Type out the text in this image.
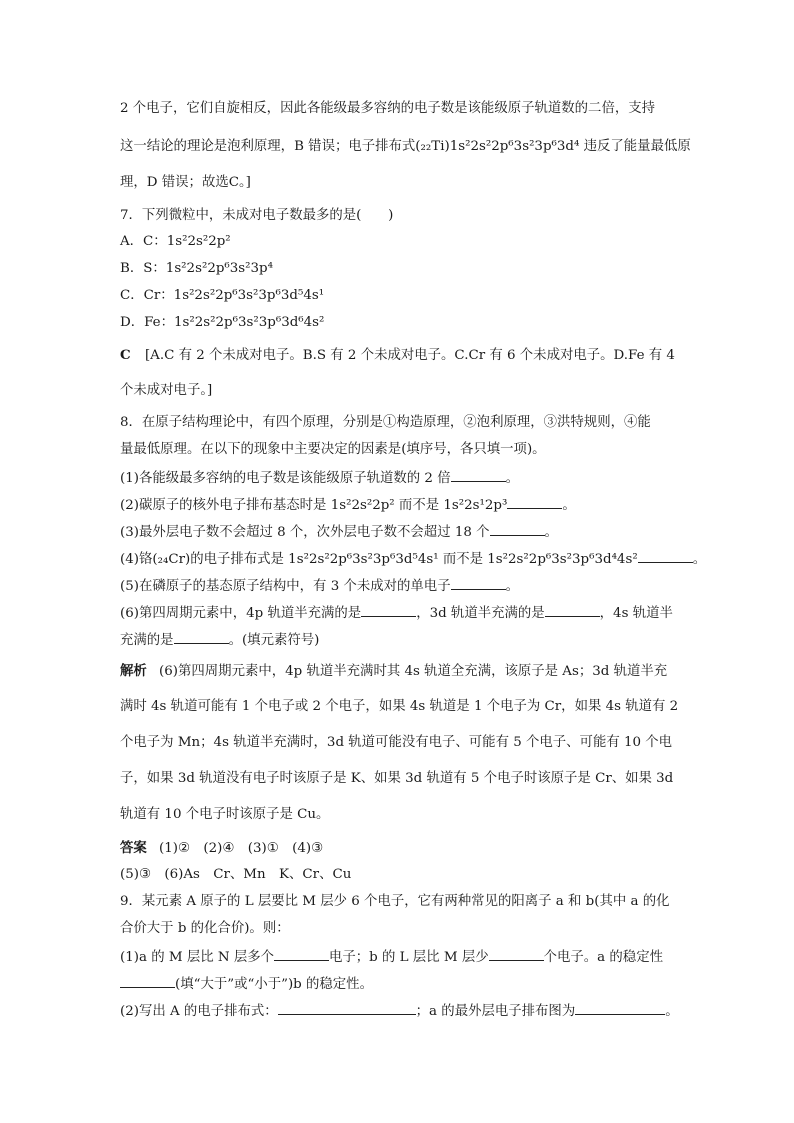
2 个电子，它们自旋相反，因此各能级最多容纳的电子数是该能级原子轨道数的二倍，支持
这一结论的理论是泡利原理，B 错误；电子排布式(₂₂Ti)1s²2s²2p⁶3s²3p⁶3d⁴ 违反了能量最低原
理，D 错误；故选C。]
7．下列微粒中，未成对电子数最多的是(　　)
A．C：1s²2s²2p²
B．S：1s²2s²2p⁶3s²3p⁴
C．Cr：1s²2s²2p⁶3s²3p⁶3d⁵4s¹
D．Fe：1s²2s²2p⁶3s²3p⁶3d⁶4s²
C [A.C 有 2 个未成对电子。B.S 有 2 个未成对电子。C.Cr 有 6 个未成对电子。D.Fe 有 4
个未成对电子。]
8．在原子结构理论中，有四个原理，分别是①构造原理，②泡利原理，③洪特规则，④能
量最低原理。在以下的现象中主要决定的因素是(填序号，各只填一项)。
(1)各能级最多容纳的电子数是该能级原子轨道数的 2 倍	。
(2)碳原子的核外电子排布基态时是 1s²2s²2p² 而不是 1s²2s¹2p³	。
(3)最外层电子数不会超过 8 个，次外层电子数不会超过 18 个	。
(4)铬(₂₄Cr)的电子排布式是 1s²2s²2p⁶3s²3p⁶3d⁵4s¹ 而不是 1s²2s²2p⁶3s²3p⁶3d⁴4s²	。
(5)在磷原子的基态原子结构中，有 3 个未成对的单电子	。
(6)第四周期元素中，4p 轨道半充满的是	，3d 轨道半充满的是	，4s 轨道半
充满的是	。(填元素符号)
解析 (6)第四周期元素中，4p 轨道半充满时其 4s 轨道全充满，该原子是 As；3d 轨道半充
满时 4s 轨道可能有 1 个电子或 2 个电子，如果 4s 轨道是 1 个电子为 Cr，如果 4s 轨道有 2
个电子为 Mn；4s 轨道半充满时，3d 轨道可能没有电子、可能有 5 个电子、可能有 10 个电
子，如果 3d 轨道没有电子时该原子是 K、如果 3d 轨道有 5 个电子时该原子是 Cr、如果 3d
轨道有 10 个电子时该原子是 Cu。
答案 (1)②　(2)④　(3)①　(4)③
(5)③　(6)As　Cr、Mn　K、Cr、Cu
9．某元素 A 原子的 L 层要比 M 层少 6 个电子，它有两种常见的阳离子 a 和 b(其中 a 的化
合价大于 b 的化合价)。则：
(1)a 的 M 层比 N 层多个	电子；b 的 L 层比 M 层少	个电子。a 的稳定性
(填“大于”或“小于”)b 的稳定性。
(2)写出 A 的电子排布式：	；a 的最外层电子排布图为	。
